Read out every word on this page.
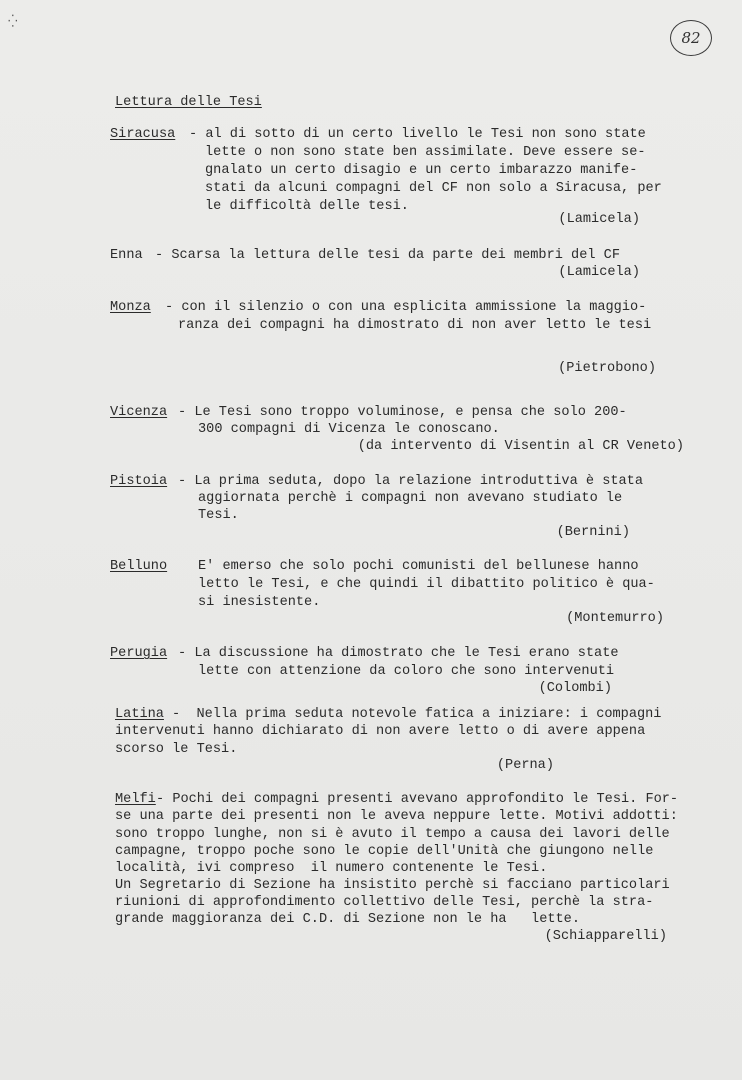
⁛
82
Lettura delle Tesi
Siracusa - al di sotto di un certo livello le Tesi non sono state
lette o non sono state ben assimilate. Deve essere se-
gnalato un certo disagio e un certo imbarazzo manife-
stati da alcuni compagni del CF non solo a Siracusa, per
le difficoltà delle tesi.
(Lamicela)
Enna - Scarsa la lettura delle tesi da parte dei membri del CF
(Lamicela)
Monza - con il silenzio o con una esplicita ammissione la maggio-
ranza dei compagni ha dimostrato di non aver letto le tesi
(Pietrobono)
Vicenza - Le Tesi sono troppo voluminose, e pensa che solo 200-
300 compagni di Vicenza le conoscano.
(da intervento di Visentin al CR Veneto)
Pistoia - La prima seduta, dopo la relazione introduttiva è stata
aggiornata perchè i compagni non avevano studiato le
Tesi.
(Bernini)
Belluno E' emerso che solo pochi comunisti del bellunese hanno
letto le Tesi, e che quindi il dibattito politico è qua-
si inesistente.
(Montemurro)
Perugia - La discussione ha dimostrato che le Tesi erano state
lette con attenzione da coloro che sono intervenuti
(Colombi)
Latina -  Nella prima seduta notevole fatica a iniziare: i compagni
intervenuti hanno dichiarato di non avere letto o di avere appena
scorso le Tesi.
(Perna)
Melfi - Pochi dei compagni presenti avevano approfondito le Tesi. For-
se una parte dei presenti non le aveva neppure lette. Motivi addotti:
sono troppo lunghe, non si è avuto il tempo a causa dei lavori delle
campagne, troppo poche sono le copie dell'Unità che giungono nelle
località, ivi compreso  il numero contenente le Tesi.
Un Segretario di Sezione ha insistito perchè si facciano particolari
riunioni di approfondimento collettivo delle Tesi, perchè la stra-
grande maggioranza dei C.D. di Sezione non le ha   lette.
(Schiapparelli)
